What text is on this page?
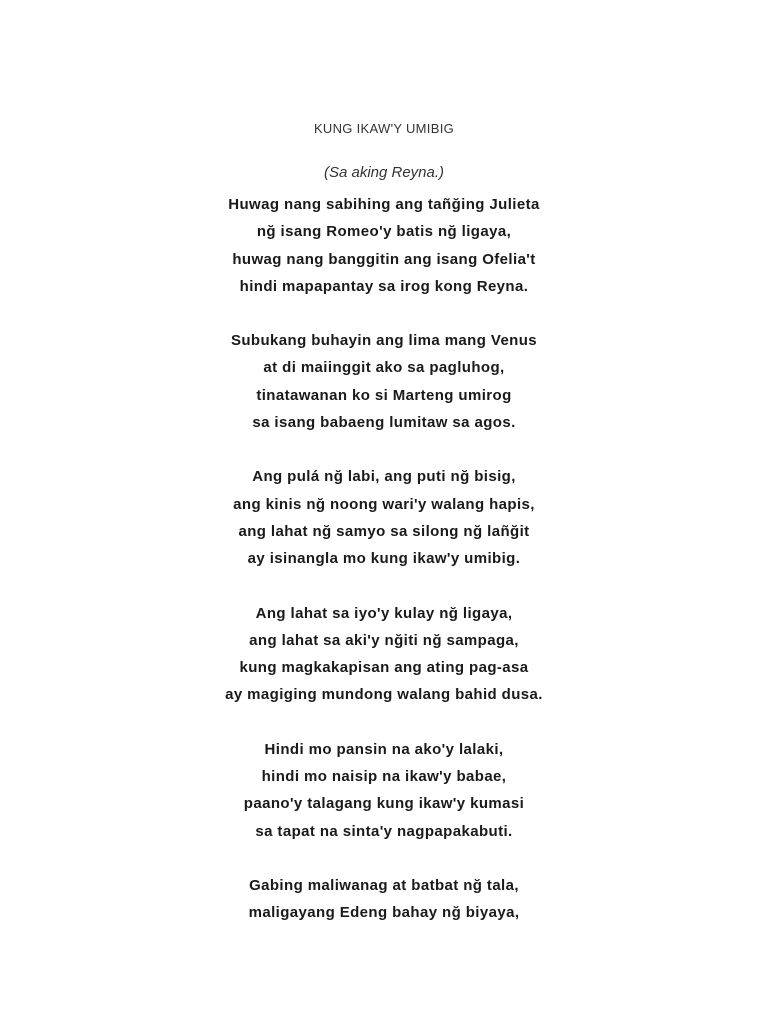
KUNG IKAW'Y UMIBIG

(Sa aking Reyna.)

Huwag nang sabihing ang tañğing Julieta
nğ isang Romeo'y batis nğ ligaya,
huwag nang banggitin ang isang Ofelia't
hindi mapapantay sa irog kong Reyna.
Subukang buhayin ang lima mang Venus
at di maiinggit ako sa pagluhog,
tinatawanan ko si Marteng umirog
sa isang babaeng lumitaw sa agos.
Ang pulá nğ labi, ang puti nğ bisig,
ang kinis nğ noong wari'y walang hapis,
ang lahat nğ samyo sa silong nğ lañğit
ay isinangla mo kung ikaw'y umibig.
Ang lahat sa iyo'y kulay nğ ligaya,
ang lahat sa aki'y nğiti nğ sampaga,
kung magkakapisan ang ating pag-asa
ay magiging mundong walang bahid dusa.
Hindi mo pansin na ako'y lalaki,
hindi mo naisip na ikaw'y babae,
paano'y talagang kung ikaw'y kumasi
sa tapat na sinta'y nagpapakabuti.
Gabing maliwanag at batbat nğ tala,
maligayang Edeng bahay nğ biyaya,
